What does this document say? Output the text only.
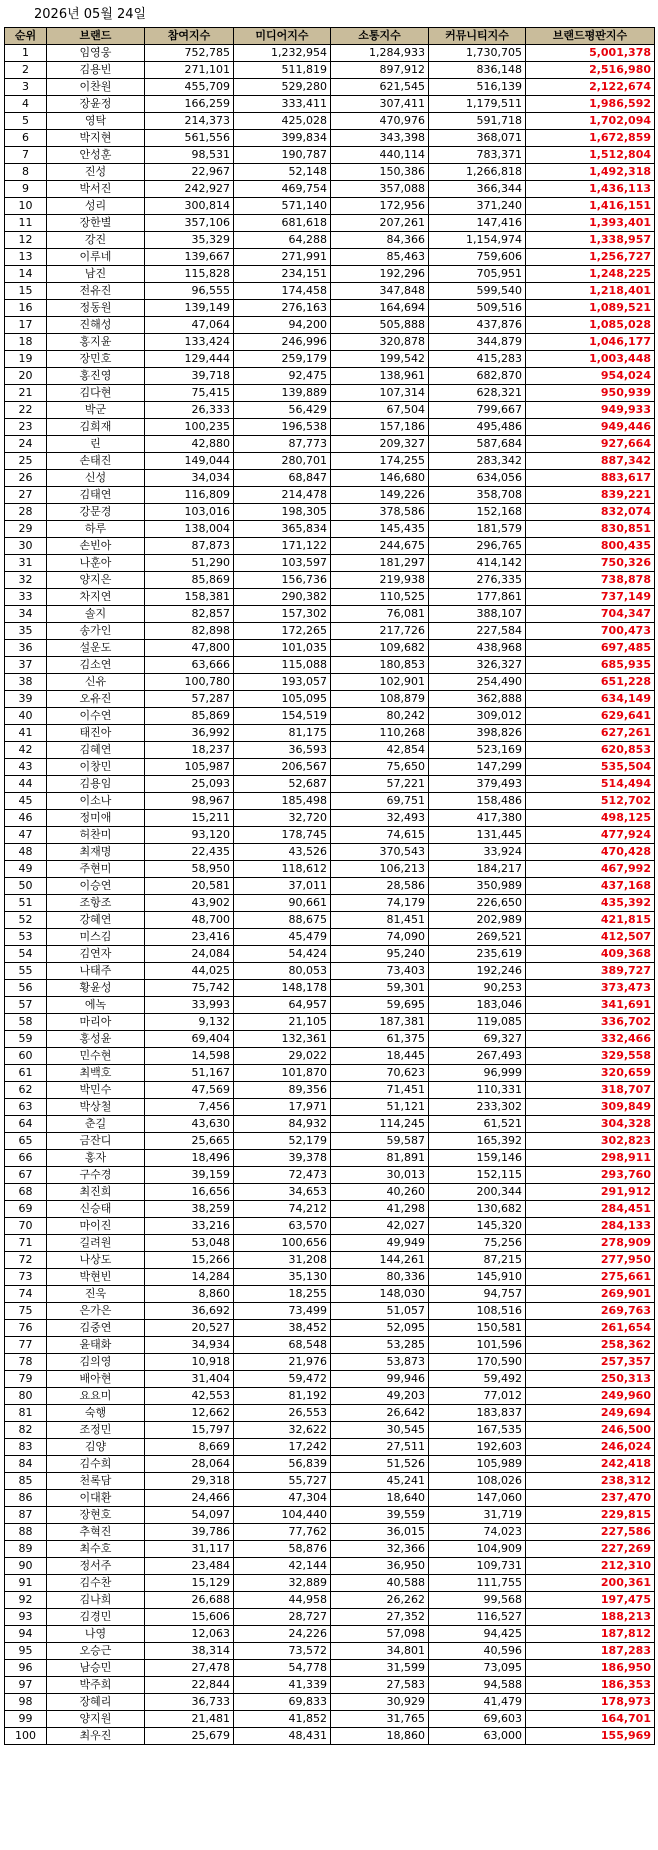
2026년 05월 24일
순위	브랜드	참여지수	미디어지수	소통지수	커뮤니티지수	브랜드평판지수
1	임영웅	752,785	1,232,954	1,284,933	1,730,705	5,001,378
2	김용빈	271,101	511,819	897,912	836,148	2,516,980
3	이찬원	455,709	529,280	621,545	516,139	2,122,674
4	장윤정	166,259	333,411	307,411	1,179,511	1,986,592
5	영탁	214,373	425,028	470,976	591,718	1,702,094
6	박지현	561,556	399,834	343,398	368,071	1,672,859
7	안성훈	98,531	190,787	440,114	783,371	1,512,804
8	진성	22,967	52,148	150,386	1,266,818	1,492,318
9	박서진	242,927	469,754	357,088	366,344	1,436,113
10	성리	300,814	571,140	172,956	371,240	1,416,151
11	장한별	357,106	681,618	207,261	147,416	1,393,401
12	강진	35,329	64,288	84,366	1,154,974	1,338,957
13	이루네	139,667	271,991	85,463	759,606	1,256,727
14	남진	115,828	234,151	192,296	705,951	1,248,225
15	전유진	96,555	174,458	347,848	599,540	1,218,401
16	정동원	139,149	276,163	164,694	509,516	1,089,521
17	진해성	47,064	94,200	505,888	437,876	1,085,028
18	홍지윤	133,424	246,996	320,878	344,879	1,046,177
19	장민호	129,444	259,179	199,542	415,283	1,003,448
20	홍진영	39,718	92,475	138,961	682,870	954,024
21	김다현	75,415	139,889	107,314	628,321	950,939
22	박군	26,333	56,429	67,504	799,667	949,933
23	김희재	100,235	196,538	157,186	495,486	949,446
24	린	42,880	87,773	209,327	587,684	927,664
25	손태진	149,044	280,701	174,255	283,342	887,342
26	신성	34,034	68,847	146,680	634,056	883,617
27	김태연	116,809	214,478	149,226	358,708	839,221
28	강문경	103,016	198,305	378,586	152,168	832,074
29	하루	138,004	365,834	145,435	181,579	830,851
30	손빈아	87,873	171,122	244,675	296,765	800,435
31	나훈아	51,290	103,597	181,297	414,142	750,326
32	양지은	85,869	156,736	219,938	276,335	738,878
33	차지연	158,381	290,382	110,525	177,861	737,149
34	솔지	82,857	157,302	76,081	388,107	704,347
35	송가인	82,898	172,265	217,726	227,584	700,473
36	설운도	47,800	101,035	109,682	438,968	697,485
37	김소연	63,666	115,088	180,853	326,327	685,935
38	신유	100,780	193,057	102,901	254,490	651,228
39	오유진	57,287	105,095	108,879	362,888	634,149
40	이수연	85,869	154,519	80,242	309,012	629,641
41	태진아	36,992	81,175	110,268	398,826	627,261
42	김혜연	18,237	36,593	42,854	523,169	620,853
43	이창민	105,987	206,567	75,650	147,299	535,504
44	김용임	25,093	52,687	57,221	379,493	514,494
45	이소나	98,967	185,498	69,751	158,486	512,702
46	정미애	15,211	32,720	32,493	417,380	498,125
47	허찬미	93,120	178,745	74,615	131,445	477,924
48	최재명	22,435	43,526	370,543	33,924	470,428
49	주현미	58,950	118,612	106,213	184,217	467,992
50	이승연	20,581	37,011	28,586	350,989	437,168
51	조항조	43,902	90,661	74,179	226,650	435,392
52	강혜연	48,700	88,675	81,451	202,989	421,815
53	미스김	23,416	45,479	74,090	269,521	412,507
54	김연자	24,084	54,424	95,240	235,619	409,368
55	나태주	44,025	80,053	73,403	192,246	389,727
56	황윤성	75,742	148,178	59,301	90,253	373,473
57	에녹	33,993	64,957	59,695	183,046	341,691
58	마리아	9,132	21,105	187,381	119,085	336,702
59	홍성윤	69,404	132,361	61,375	69,327	332,466
60	민수현	14,598	29,022	18,445	267,493	329,558
61	최백호	51,167	101,870	70,623	96,999	320,659
62	박민수	47,569	89,356	71,451	110,331	318,707
63	박상철	7,456	17,971	51,121	233,302	309,849
64	춘길	43,630	84,932	114,245	61,521	304,328
65	금잔디	25,665	52,179	59,587	165,392	302,823
66	홍자	18,496	39,378	81,891	159,146	298,911
67	구수경	39,159	72,473	30,013	152,115	293,760
68	최진희	16,656	34,653	40,260	200,344	291,912
69	신승태	38,259	74,212	41,298	130,682	284,451
70	마이진	33,216	63,570	42,027	145,320	284,133
71	길려원	53,048	100,656	49,949	75,256	278,909
72	나상도	15,266	31,208	144,261	87,215	277,950
73	박현빈	14,284	35,130	80,336	145,910	275,661
74	진욱	8,860	18,255	148,030	94,757	269,901
75	은가은	36,692	73,499	51,057	108,516	269,763
76	김중연	20,527	38,452	52,095	150,581	261,654
77	윤태화	34,934	68,548	53,285	101,596	258,362
78	김의영	10,918	21,976	53,873	170,590	257,357
79	배아현	31,404	59,472	99,946	59,492	250,313
80	요요미	42,553	81,192	49,203	77,012	249,960
81	숙행	12,662	26,553	26,642	183,837	249,694
82	조정민	15,797	32,622	30,545	167,535	246,500
83	김양	8,669	17,242	27,511	192,603	246,024
84	김수희	28,064	56,839	51,526	105,989	242,418
85	천록담	29,318	55,727	45,241	108,026	238,312
86	이대환	24,466	47,304	18,640	147,060	237,470
87	장현호	54,097	104,440	39,559	31,719	229,815
88	추혁진	39,786	77,762	36,015	74,023	227,586
89	최수호	31,117	58,876	32,366	104,909	227,269
90	정서주	23,484	42,144	36,950	109,731	212,310
91	김수찬	15,129	32,889	40,588	111,755	200,361
92	김나희	26,688	44,958	26,262	99,568	197,475
93	김경민	15,606	28,727	27,352	116,527	188,213
94	나영	12,063	24,226	57,098	94,425	187,812
95	오승근	38,314	73,572	34,801	40,596	187,283
96	남승민	27,478	54,778	31,599	73,095	186,950
97	박주희	22,844	41,339	27,583	94,588	186,353
98	장혜리	36,733	69,833	30,929	41,479	178,973
99	양지원	21,481	41,852	31,765	69,603	164,701
100	최우진	25,679	48,431	18,860	63,000	155,969
